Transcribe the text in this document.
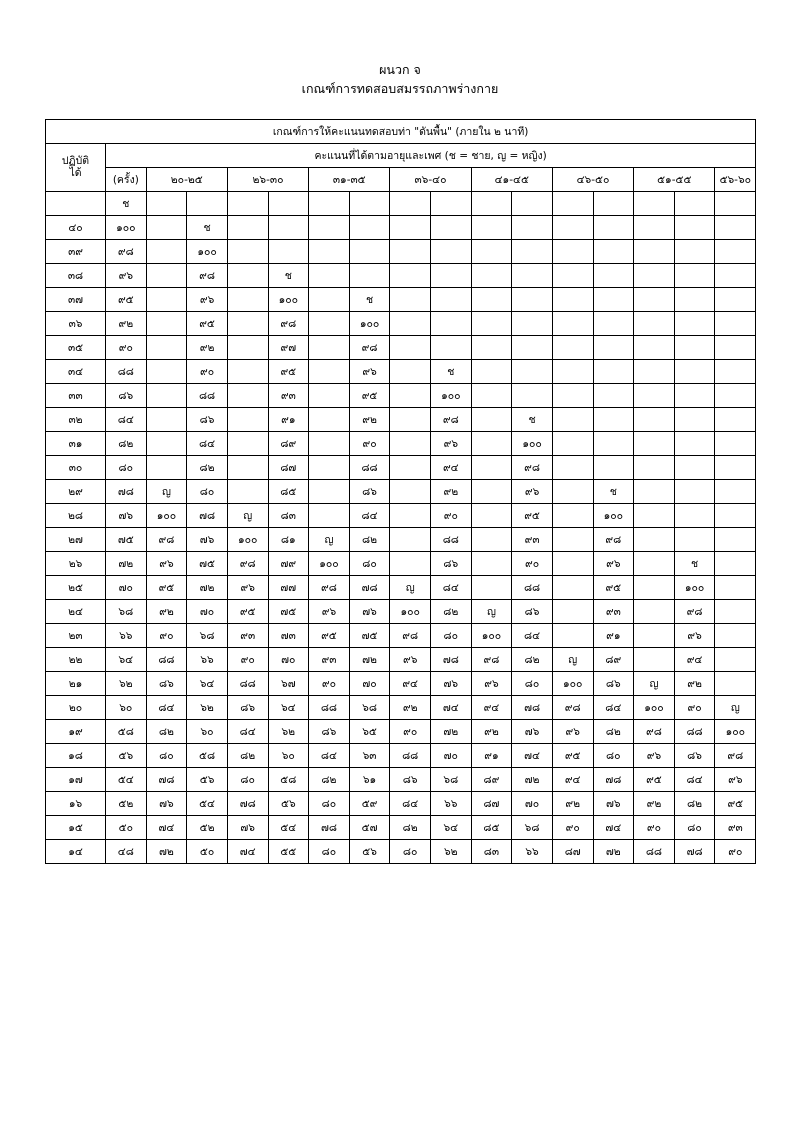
ผนวก จ
เกณฑ์การทดสอบสมรรถภาพร่างกาย
เกณฑ์การให้คะแนนทดสอบท่า "ดันพื้น" (ภายใน ๒ นาที)																
ปฏิบัติ
ได้	คะแนนที่ได้ตามอายุและเพศ (ช = ชาย, ญ = หญิง)															
	(ครั้ง)	๒๐-๒๕		๒๖-๓๐		๓๑-๓๕		๓๖-๔๐		๔๑-๔๕		๔๖-๕๐		๕๑-๕๕		๕๖-๖๐
	ช															
๔๐	๑๐๐		ช													
๓๙	๙๘		๑๐๐													
๓๘	๙๖		๙๘		ช											
๓๗	๙๕		๙๖		๑๐๐		ช									
๓๖	๙๒		๙๕		๙๘		๑๐๐									
๓๕	๙๐		๙๒		๙๗		๙๘									
๓๔	๘๘		๙๐		๙๕		๙๖		ช							
๓๓	๘๖		๘๘		๙๓		๙๕		๑๐๐							
๓๒	๘๔		๘๖		๙๑		๙๒		๙๘		ช					
๓๑	๘๒		๘๔		๘๙		๙๐		๙๖		๑๐๐					
๓๐	๘๐		๘๒		๘๗		๘๘		๙๔		๙๘					
๒๙	๗๘	ญ	๘๐		๘๕		๘๖		๙๒		๙๖		ช			
๒๘	๗๖	๑๐๐	๗๘	ญ	๘๓		๘๔		๙๐		๙๕		๑๐๐			
๒๗	๗๕	๙๘	๗๖	๑๐๐	๘๑	ญ	๘๒		๘๘		๙๓		๙๘			
๒๖	๗๒	๙๖	๗๕	๙๘	๗๙	๑๐๐	๘๐		๘๖		๙๐		๙๖		ช	
๒๕	๗๐	๙๕	๗๒	๙๖	๗๗	๙๘	๗๘	ญ	๘๔		๘๘		๙๕		๑๐๐	
๒๔	๖๘	๙๒	๗๐	๙๕	๗๕	๙๖	๗๖	๑๐๐	๘๒	ญ	๘๖		๙๓		๙๘	
๒๓	๖๖	๙๐	๖๘	๙๓	๗๓	๙๕	๗๕	๙๘	๘๐	๑๐๐	๘๔		๙๑		๙๖	
๒๒	๖๔	๘๘	๖๖	๙๐	๗๐	๙๓	๗๒	๙๖	๗๘	๙๘	๘๒	ญ	๘๙		๙๔	
๒๑	๖๒	๘๖	๖๔	๘๘	๖๗	๙๐	๗๐	๙๔	๗๖	๙๖	๘๐	๑๐๐	๘๖	ญ	๙๒	
๒๐	๖๐	๘๔	๖๒	๘๖	๖๔	๘๘	๖๘	๙๒	๗๔	๙๔	๗๘	๙๘	๘๔	๑๐๐	๙๐	ญ
๑๙	๕๘	๘๒	๖๐	๘๔	๖๒	๘๖	๖๕	๙๐	๗๒	๙๒	๗๖	๙๖	๘๒	๙๘	๘๘	๑๐๐
๑๘	๕๖	๘๐	๕๘	๘๒	๖๐	๘๔	๖๓	๘๘	๗๐	๙๑	๗๔	๙๕	๘๐	๙๖	๘๖	๙๘
๑๗	๕๔	๗๘	๕๖	๘๐	๕๘	๘๒	๖๑	๘๖	๖๘	๘๙	๗๒	๙๔	๗๘	๙๕	๘๔	๙๖
๑๖	๕๒	๗๖	๕๔	๗๘	๕๖	๘๐	๕๙	๘๔	๖๖	๘๗	๗๐	๙๒	๗๖	๙๒	๘๒	๙๕
๑๕	๕๐	๗๔	๕๒	๗๖	๕๔	๗๘	๕๗	๘๒	๖๔	๘๕	๖๘	๙๐	๗๔	๙๐	๘๐	๙๓
๑๔	๔๘	๗๒	๕๐	๗๔	๕๕	๘๐	๕๖	๘๐	๖๒	๘๓	๖๖	๘๗	๗๒	๘๘	๗๘	๙๐
